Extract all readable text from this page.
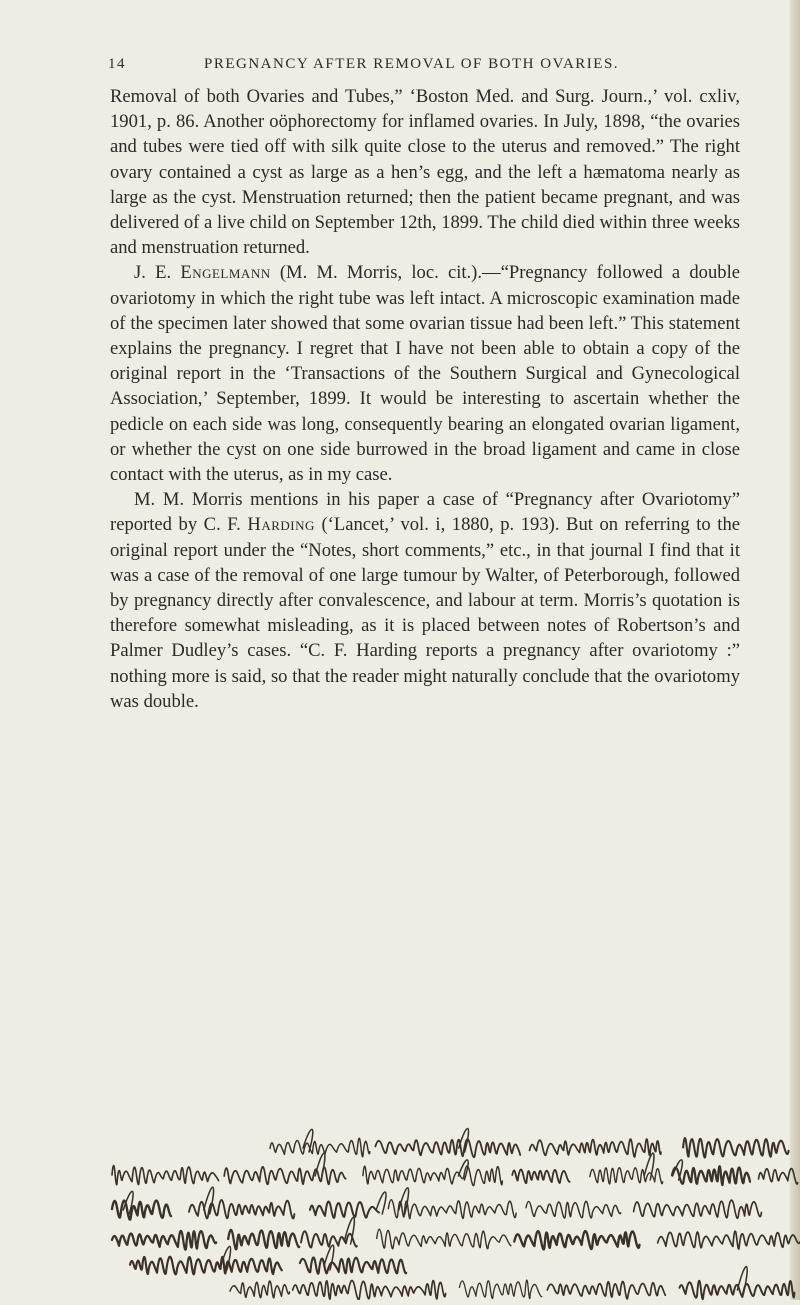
14	PREGNANCY AFTER REMOVAL OF BOTH OVARIES.

Removal of both Ovaries and Tubes,” ‘Boston Med. and Surg. Journ.,’ vol. cxliv, 1901, p. 86. Another oöphorectomy for inflamed ovaries. In July, 1898, “the ovaries and tubes were tied off with silk quite close to the uterus and removed.” The right ovary contained a cyst as large as a hen’s egg, and the left a hæmatoma nearly as large as the cyst. Menstruation returned; then the patient became pregnant, and was delivered of a live child on September 12th, 1899. The child died within three weeks and menstruation returned.

J. E. Engelmann (M. M. Morris, loc. cit.).—“Pregnancy followed a double ovariotomy in which the right tube was left intact. A microscopic examination made of the specimen later showed that some ovarian tissue had been left.” This statement explains the pregnancy. I regret that I have not been able to obtain a copy of the original report in the ‘Transactions of the Southern Surgical and Gynecological Association,’ September, 1899. It would be interesting to ascertain whether the pedicle on each side was long, consequently bearing an elongated ovarian ligament, or whether the cyst on one side burrowed in the broad ligament and came in close contact with the uterus, as in my case.

M. M. Morris mentions in his paper a case of “Pregnancy after Ovariotomy” reported by C. F. Harding (‘Lancet,’ vol. i, 1880, p. 193). But on referring to the original report under the “Notes, short comments,” etc., in that journal I find that it was a case of the removal of one large tumour by Walter, of Peterborough, followed by pregnancy directly after convalescence, and labour at term. Morris’s quotation is therefore somewhat misleading, as it is placed between notes of Robertson’s and Palmer Dudley’s cases. “C. F. Harding reports a pregnancy after ovariotomy :” nothing more is said, so that the reader might naturally conclude that the ovariotomy was double.
